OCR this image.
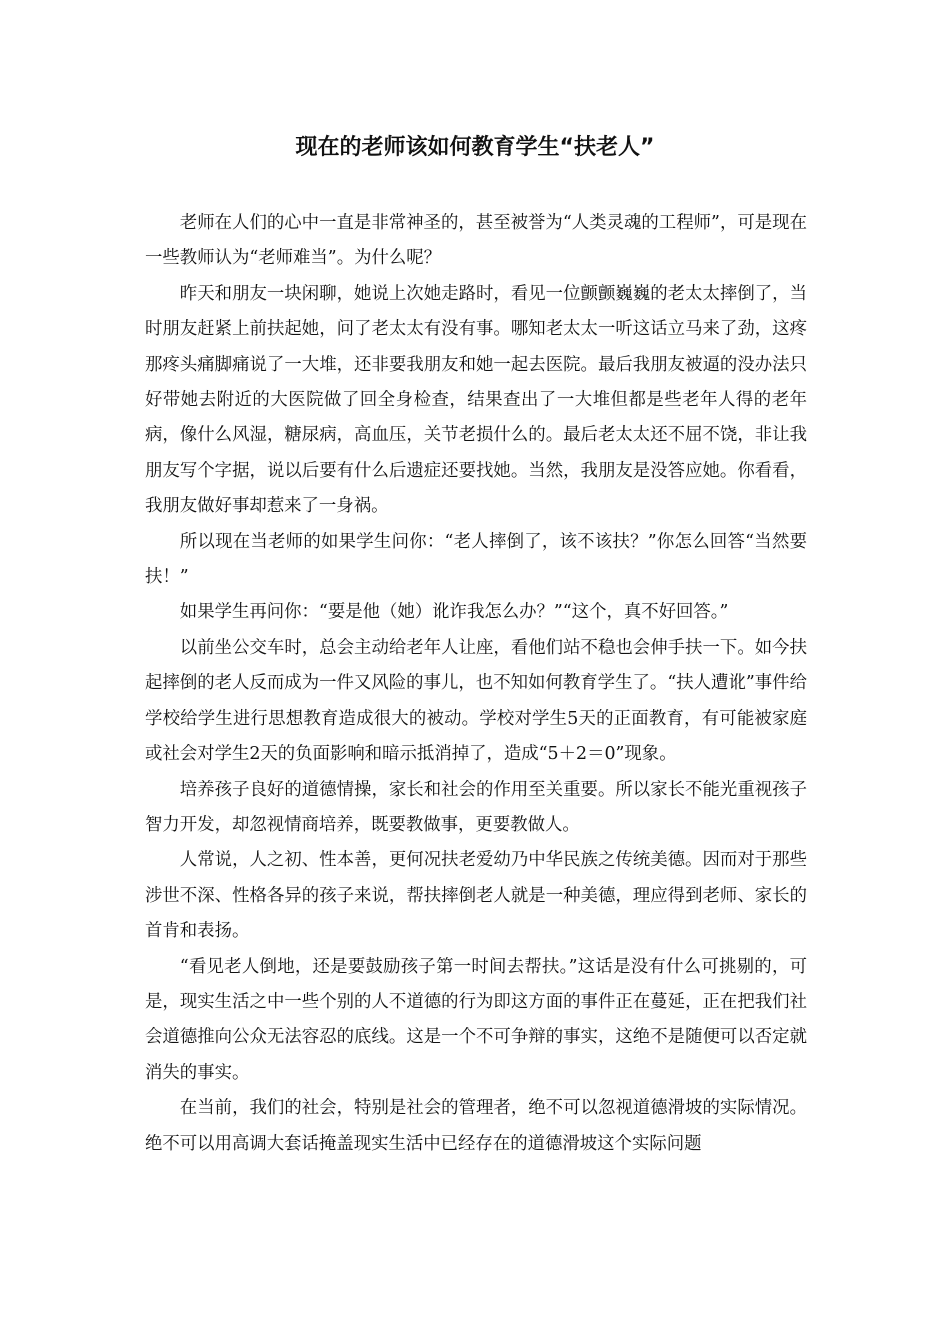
现在的老师该如何教育学生“扶老人”

老师在人们的心中一直是非常神圣的，甚至被誉为“人类灵魂的工程师”，可是现在一些教师认为“老师难当”。为什么呢？

昨天和朋友一块闲聊，她说上次她走路时，看见一位颤颤巍巍的老太太摔倒了，当时朋友赶紧上前扶起她，问了老太太有没有事。哪知老太太一听这话立马来了劲，这疼那疼头痛脚痛说了一大堆，还非要我朋友和她一起去医院。最后我朋友被逼的没办法只好带她去附近的大医院做了回全身检查，结果查出了一大堆但都是些老年人得的老年病，像什么风湿，糖尿病，高血压，关节老损什么的。最后老太太还不屈不饶，非让我朋友写个字据，说以后要有什么后遗症还要找她。当然，我朋友是没答应她。你看看，我朋友做好事却惹来了一身祸。

所以现在当老师的如果学生问你：“老人摔倒了，该不该扶？”你怎么回答“当然要扶！”

如果学生再问你：“要是他（她）讹诈我怎么办？”“这个，真不好回答。”

以前坐公交车时，总会主动给老年人让座，看他们站不稳也会伸手扶一下。如今扶起摔倒的老人反而成为一件又风险的事儿，也不知如何教育学生了。“扶人遭讹”事件给学校给学生进行思想教育造成很大的被动。学校对学生5天的正面教育，有可能被家庭或社会对学生2天的负面影响和暗示抵消掉了，造成“5＋2＝0”现象。

培养孩子良好的道德情操，家长和社会的作用至关重要。所以家长不能光重视孩子智力开发，却忽视情商培养，既要教做事，更要教做人。

人常说，人之初、性本善，更何况扶老爱幼乃中华民族之传统美德。因而对于那些涉世不深、性格各异的孩子来说，帮扶摔倒老人就是一种美德，理应得到老师、家长的首肯和表扬。

“看见老人倒地，还是要鼓励孩子第一时间去帮扶。”这话是没有什么可挑剔的，可是，现实生活之中一些个别的人不道德的行为即这方面的事件正在蔓延，正在把我们社会道德推向公众无法容忍的底线。这是一个不可争辩的事实，这绝不是随便可以否定就消失的事实。

在当前，我们的社会，特别是社会的管理者，绝不可以忽视道德滑坡的实际情况。绝不可以用高调大套话掩盖现实生活中已经存在的道德滑坡这个实际问题
